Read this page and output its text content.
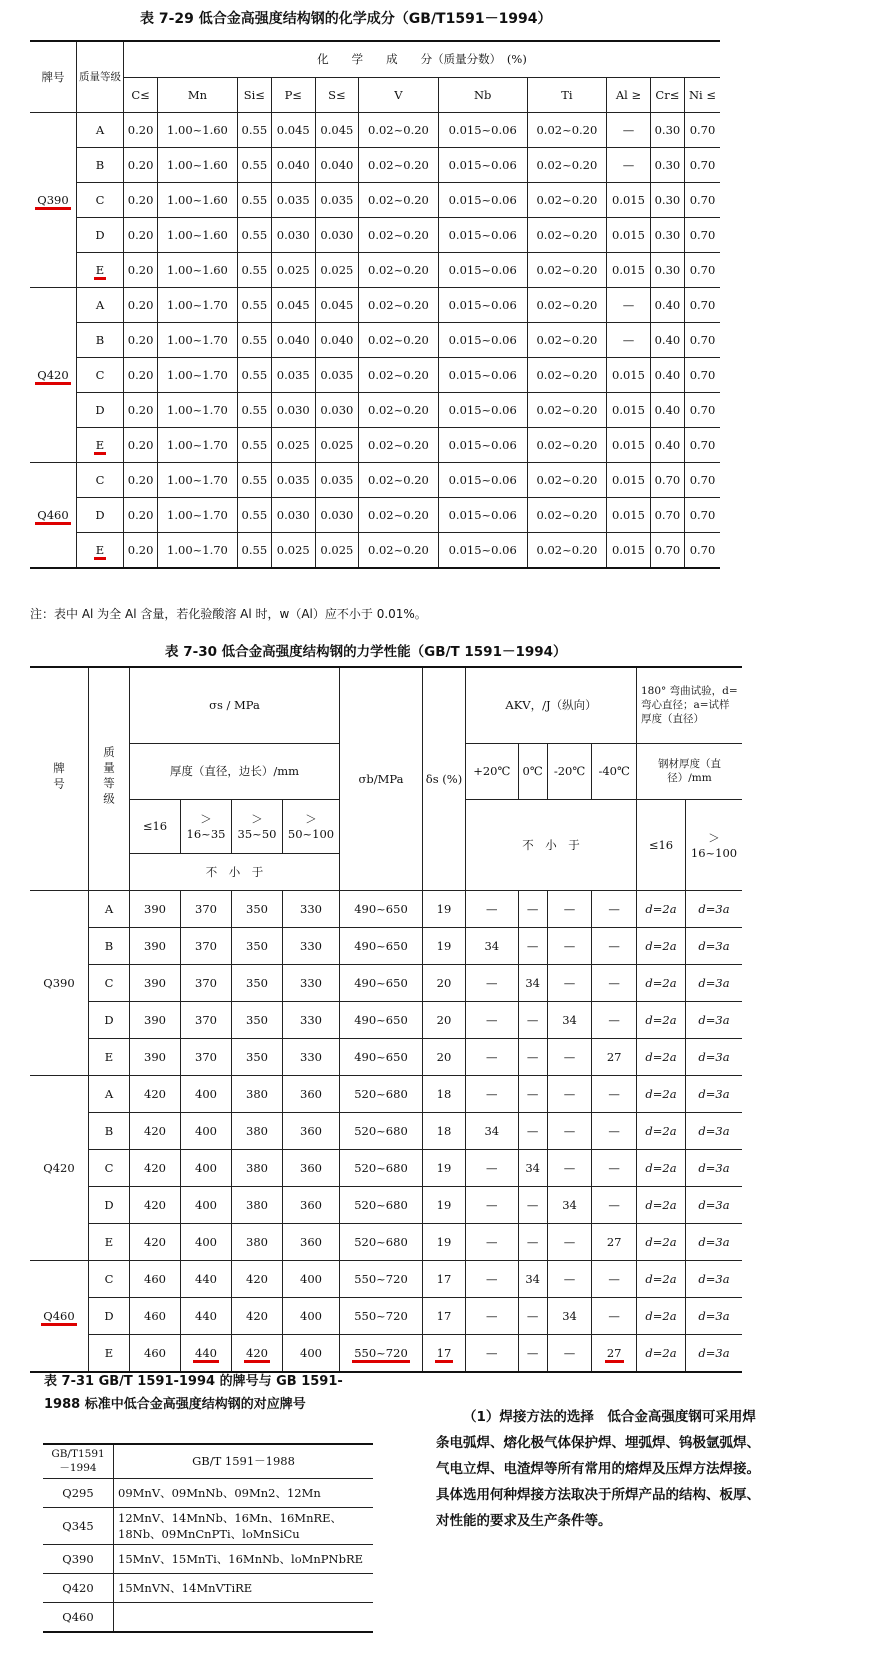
表 7-29 低合金高强度结构钢的化学成分（GB/T1591－1994）
牌号	质量等级	化　　学　　成　　分（质量分数）　(%)										
		C≤	Mn	Si≤	P≤	S≤	V	Nb	Ti	Al ≥	Cr≤	Ni ≤
Q390	A	0.20	1.00~1.60	0.55	0.045	0.045	0.02~0.20	0.015~0.06	0.02~0.20	—	0.30	0.70
	B	0.20	1.00~1.60	0.55	0.040	0.040	0.02~0.20	0.015~0.06	0.02~0.20	—	0.30	0.70
	C	0.20	1.00~1.60	0.55	0.035	0.035	0.02~0.20	0.015~0.06	0.02~0.20	0.015	0.30	0.70
	D	0.20	1.00~1.60	0.55	0.030	0.030	0.02~0.20	0.015~0.06	0.02~0.20	0.015	0.30	0.70
	E	0.20	1.00~1.60	0.55	0.025	0.025	0.02~0.20	0.015~0.06	0.02~0.20	0.015	0.30	0.70
Q420	A	0.20	1.00~1.70	0.55	0.045	0.045	0.02~0.20	0.015~0.06	0.02~0.20	—	0.40	0.70
	B	0.20	1.00~1.70	0.55	0.040	0.040	0.02~0.20	0.015~0.06	0.02~0.20	—	0.40	0.70
	C	0.20	1.00~1.70	0.55	0.035	0.035	0.02~0.20	0.015~0.06	0.02~0.20	0.015	0.40	0.70
	D	0.20	1.00~1.70	0.55	0.030	0.030	0.02~0.20	0.015~0.06	0.02~0.20	0.015	0.40	0.70
	E	0.20	1.00~1.70	0.55	0.025	0.025	0.02~0.20	0.015~0.06	0.02~0.20	0.015	0.40	0.70
Q460	C	0.20	1.00~1.70	0.55	0.035	0.035	0.02~0.20	0.015~0.06	0.02~0.20	0.015	0.70	0.70
	D	0.20	1.00~1.70	0.55	0.030	0.030	0.02~0.20	0.015~0.06	0.02~0.20	0.015	0.70	0.70
	E	0.20	1.00~1.70	0.55	0.025	0.025	0.02~0.20	0.015~0.06	0.02~0.20	0.015	0.70	0.70
注：表中 Al 为全 Al 含量，若化验酸溶 Al 时，w（Al）应不小于 0.01%。
表 7-30 低合金高强度结构钢的力学性能（GB/T 1591－1994）
牌号	质量等级	σs / MPa				σb/MPa	δs (%)	AKV，/J（纵向）				180° 弯曲试验，d=弯心直径；a=试样厚度（直径）	
		厚度（直径，边长）/mm						+20℃	0℃	-20℃	-40℃	钢材厚度（直径）/mm	
		≤16	＞16~35	＞35~50	＞50~100			不　小　于				≤16	＞16~100
		不　小　于											
Q390	A	390	370	350	330	490~650	19	—	—	—	—	d=2a	d=3a
	B	390	370	350	330	490~650	19	34	—	—	—	d=2a	d=3a
	C	390	370	350	330	490~650	20	—	34	—	—	d=2a	d=3a
	D	390	370	350	330	490~650	20	—	—	34	—	d=2a	d=3a
	E	390	370	350	330	490~650	20	—	—	—	27	d=2a	d=3a
Q420	A	420	400	380	360	520~680	18	—	—	—	—	d=2a	d=3a
	B	420	400	380	360	520~680	18	34	—	—	—	d=2a	d=3a
	C	420	400	380	360	520~680	19	—	34	—	—	d=2a	d=3a
	D	420	400	380	360	520~680	19	—	—	34	—	d=2a	d=3a
	E	420	400	380	360	520~680	19	—	—	—	27	d=2a	d=3a
Q460	C	460	440	420	400	550~720	17	—	34	—	—	d=2a	d=3a
	D	460	440	420	400	550~720	17	—	—	34	—	d=2a	d=3a
	E	460	440	420	400	550~720	17	—	—	—	27	d=2a	d=3a
表 7-31 GB/T 1591-1994 的牌号与 GB 1591-
1988 标准中低合金高强度结构钢的对应牌号
GB/T1591－1994	GB/T 1591－1988
Q295	09MnV、09MnNb、09Mn2、12Mn
Q345	12MnV、14MnNb、16Mn、16MnRE、18Nb、09MnCnPTi、loMnSiCu
Q390	15MnV、15MnTi、16MnNb、loMnPNbRE
Q420	15MnVN、14MnVTiRE
Q460	
（1）焊接方法的选择　低合金高强度钢可采用焊条电弧焊、熔化极气体保护焊、埋弧焊、钨极氩弧焊、气电立焊、电渣焊等所有常用的熔焊及压焊方法焊接。具体选用何种焊接方法取决于所焊产品的结构、板厚、对性能的要求及生产条件等。
